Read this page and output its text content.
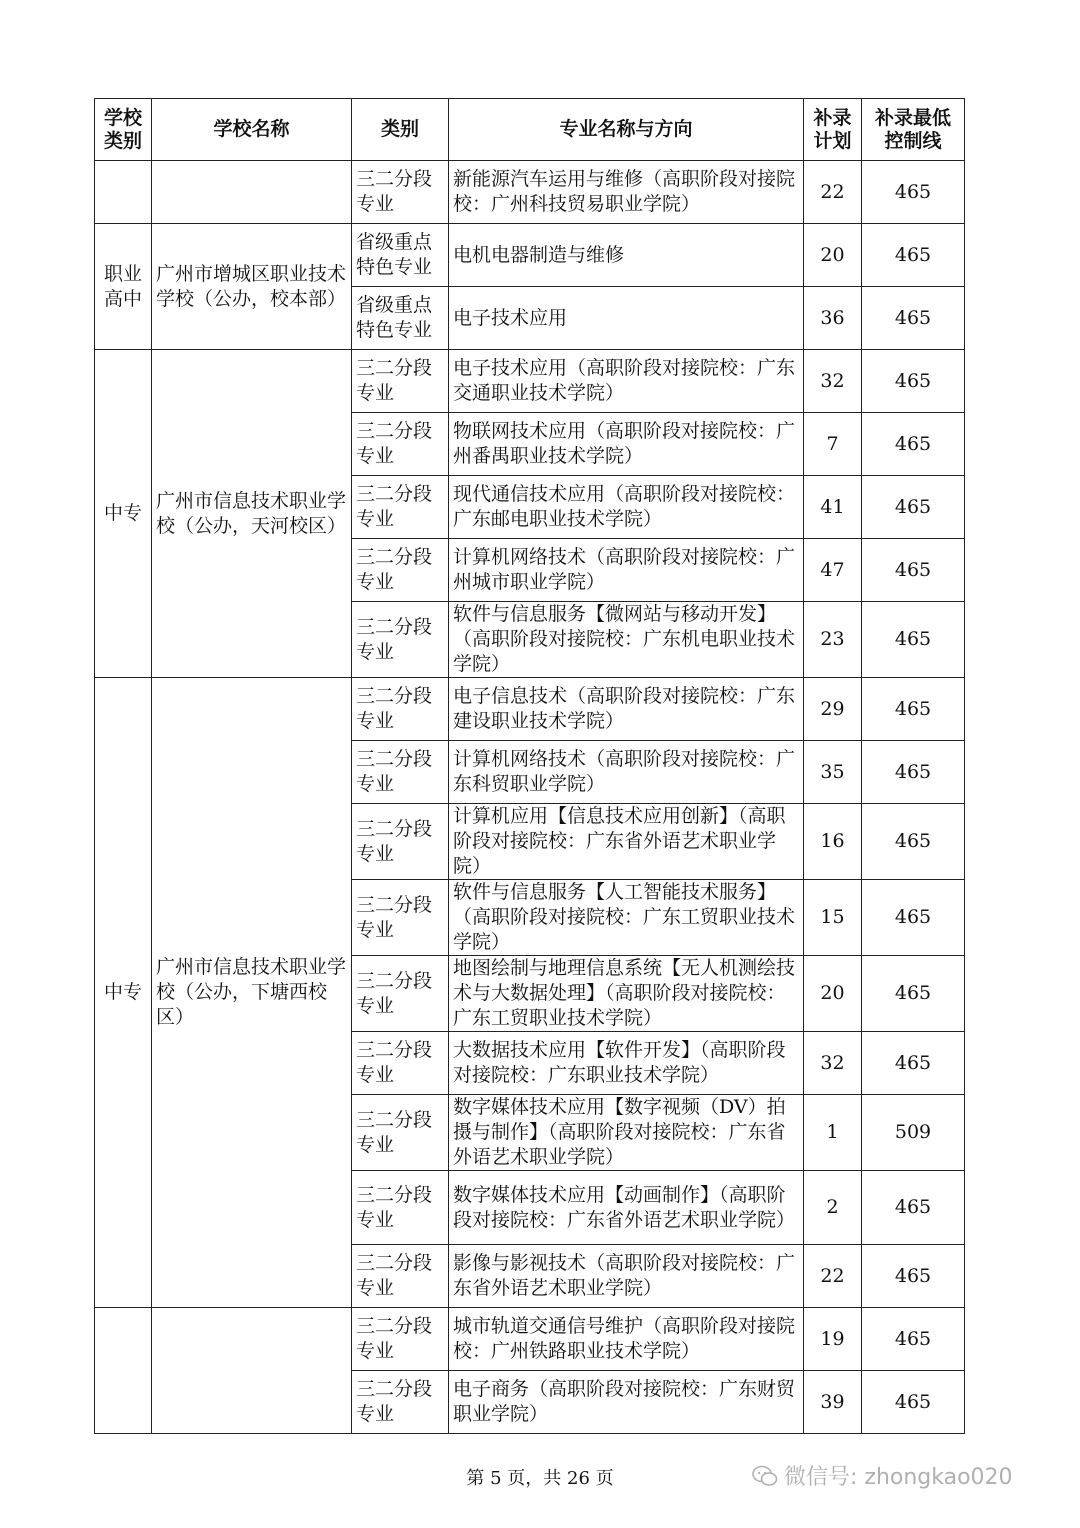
学校类别	学校名称	类别	专业名称与方向	补录计划	补录最低控制线
		三二分段专业	新能源汽车运用与维修（高职阶段对接院校：广州科技贸易职业学院）	22	465
职业高中	广州市增城区职业技术学校（公办，校本部）	省级重点特色专业	电机电器制造与维修	20	465
		省级重点特色专业	电子技术应用	36	465
中专	广州市信息技术职业学校（公办，天河校区）	三二分段专业	电子技术应用（高职阶段对接院校：广东交通职业技术学院）	32	465
		三二分段专业	物联网技术应用（高职阶段对接院校：广州番禺职业技术学院）	7	465
		三二分段专业	现代通信技术应用（高职阶段对接院校：广东邮电职业技术学院）	41	465
		三二分段专业	计算机网络技术（高职阶段对接院校：广州城市职业学院）	47	465
		三二分段专业	软件与信息服务【微网站与移动开发】（高职阶段对接院校：广东机电职业技术学院）	23	465
中专	广州市信息技术职业学校（公办，下塘西校区）	三二分段专业	电子信息技术（高职阶段对接院校：广东建设职业技术学院）	29	465
		三二分段专业	计算机网络技术（高职阶段对接院校：广东科贸职业学院）	35	465
		三二分段专业	计算机应用【信息技术应用创新】（高职阶段对接院校：广东省外语艺术职业学院）	16	465
		三二分段专业	软件与信息服务【人工智能技术服务】（高职阶段对接院校：广东工贸职业技术学院）	15	465
		三二分段专业	地图绘制与地理信息系统【无人机测绘技术与大数据处理】（高职阶段对接院校：广东工贸职业技术学院）	20	465
		三二分段专业	大数据技术应用【软件开发】（高职阶段对接院校：广东职业技术学院）	32	465
		三二分段专业	数字媒体技术应用【数字视频（DV）拍摄与制作】（高职阶段对接院校：广东省外语艺术职业学院）	1	509
		三二分段专业	数字媒体技术应用【动画制作】（高职阶段对接院校：广东省外语艺术职业学院）	2	465
		三二分段专业	影像与影视技术（高职阶段对接院校：广东省外语艺术职业学院）	22	465
		三二分段专业	城市轨道交通信号维护（高职阶段对接院校：广州铁路职业技术学院）	19	465
		三二分段专业	电子商务（高职阶段对接院校：广东财贸职业学院）	39	465
第 5 页，共 26 页	微信号: zhongkao020
